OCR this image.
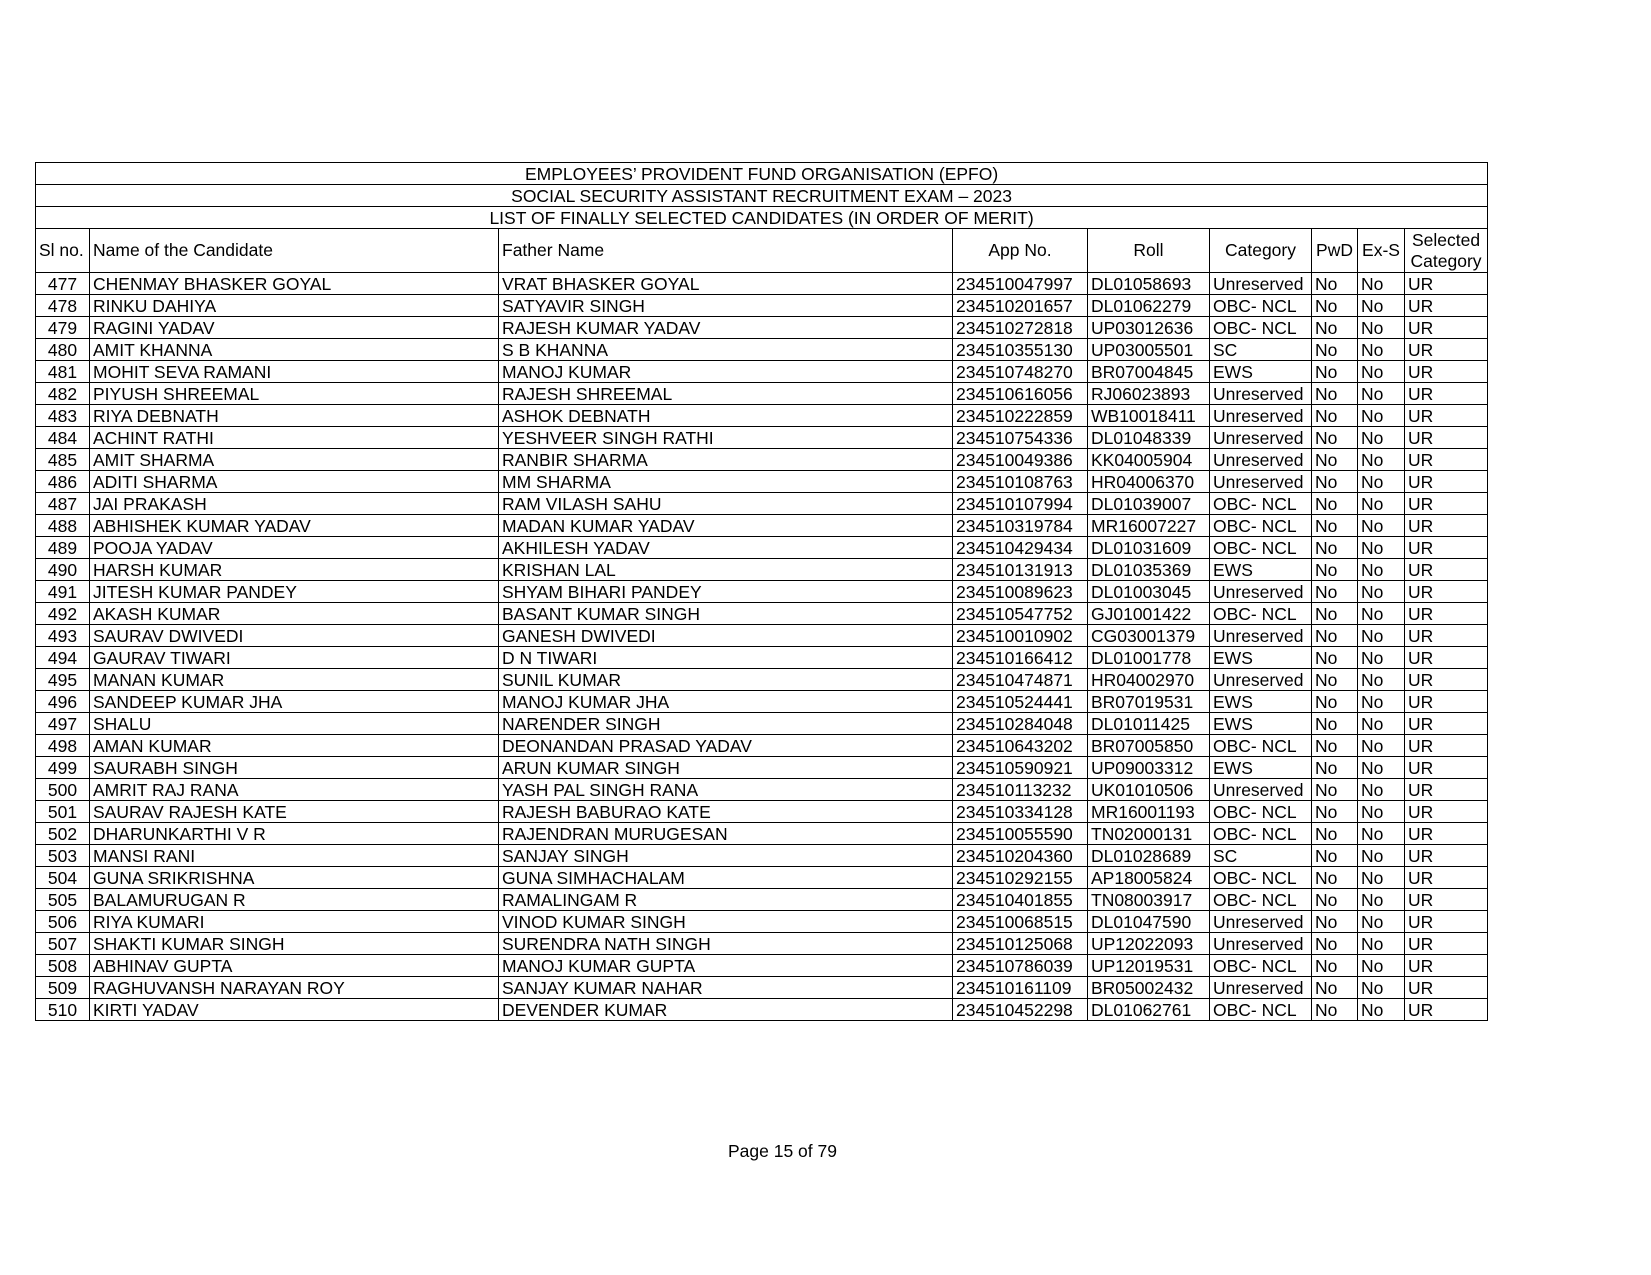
EMPLOYEES’ PROVIDENT FUND ORGANISATION (EPFO)								
SOCIAL SECURITY ASSISTANT RECRUITMENT EXAM – 2023								
LIST OF FINALLY SELECTED CANDIDATES (IN ORDER OF MERIT)								
Sl no.	Name of the Candidate	Father Name	App No.	Roll	Category	PwD	Ex-S	Selected
Category
477	CHENMAY BHASKER GOYAL	VRAT BHASKER GOYAL	234510047997	DL01058693	Unreserved	No	No	UR
478	RINKU DAHIYA	SATYAVIR SINGH	234510201657	DL01062279	OBC- NCL	No	No	UR
479	RAGINI YADAV	RAJESH KUMAR YADAV	234510272818	UP03012636	OBC- NCL	No	No	UR
480	AMIT KHANNA	S B KHANNA	234510355130	UP03005501	SC	No	No	UR
481	MOHIT SEVA RAMANI	MANOJ KUMAR	234510748270	BR07004845	EWS	No	No	UR
482	PIYUSH SHREEMAL	RAJESH SHREEMAL	234510616056	RJ06023893	Unreserved	No	No	UR
483	RIYA DEBNATH	ASHOK DEBNATH	234510222859	WB10018411	Unreserved	No	No	UR
484	ACHINT RATHI	YESHVEER SINGH RATHI	234510754336	DL01048339	Unreserved	No	No	UR
485	AMIT SHARMA	RANBIR SHARMA	234510049386	KK04005904	Unreserved	No	No	UR
486	ADITI SHARMA	MM SHARMA	234510108763	HR04006370	Unreserved	No	No	UR
487	JAI PRAKASH	RAM VILASH SAHU	234510107994	DL01039007	OBC- NCL	No	No	UR
488	ABHISHEK KUMAR YADAV	MADAN KUMAR YADAV	234510319784	MR16007227	OBC- NCL	No	No	UR
489	POOJA YADAV	AKHILESH YADAV	234510429434	DL01031609	OBC- NCL	No	No	UR
490	HARSH KUMAR	KRISHAN LAL	234510131913	DL01035369	EWS	No	No	UR
491	JITESH KUMAR PANDEY	SHYAM BIHARI PANDEY	234510089623	DL01003045	Unreserved	No	No	UR
492	AKASH KUMAR	BASANT KUMAR SINGH	234510547752	GJ01001422	OBC- NCL	No	No	UR
493	SAURAV DWIVEDI	GANESH DWIVEDI	234510010902	CG03001379	Unreserved	No	No	UR
494	GAURAV TIWARI	D N TIWARI	234510166412	DL01001778	EWS	No	No	UR
495	MANAN KUMAR	SUNIL KUMAR	234510474871	HR04002970	Unreserved	No	No	UR
496	SANDEEP KUMAR JHA	MANOJ KUMAR JHA	234510524441	BR07019531	EWS	No	No	UR
497	SHALU	NARENDER SINGH	234510284048	DL01011425	EWS	No	No	UR
498	AMAN KUMAR	DEONANDAN PRASAD YADAV	234510643202	BR07005850	OBC- NCL	No	No	UR
499	SAURABH SINGH	ARUN KUMAR SINGH	234510590921	UP09003312	EWS	No	No	UR
500	AMRIT RAJ RANA	YASH PAL SINGH RANA	234510113232	UK01010506	Unreserved	No	No	UR
501	SAURAV RAJESH KATE	RAJESH BABURAO KATE	234510334128	MR16001193	OBC- NCL	No	No	UR
502	DHARUNKARTHI V R	RAJENDRAN MURUGESAN	234510055590	TN02000131	OBC- NCL	No	No	UR
503	MANSI RANI	SANJAY SINGH	234510204360	DL01028689	SC	No	No	UR
504	GUNA SRIKRISHNA	GUNA SIMHACHALAM	234510292155	AP18005824	OBC- NCL	No	No	UR
505	BALAMURUGAN R	RAMALINGAM R	234510401855	TN08003917	OBC- NCL	No	No	UR
506	RIYA KUMARI	VINOD KUMAR SINGH	234510068515	DL01047590	Unreserved	No	No	UR
507	SHAKTI KUMAR SINGH	SURENDRA NATH SINGH	234510125068	UP12022093	Unreserved	No	No	UR
508	ABHINAV GUPTA	MANOJ KUMAR GUPTA	234510786039	UP12019531	OBC- NCL	No	No	UR
509	RAGHUVANSH NARAYAN ROY	SANJAY KUMAR NAHAR	234510161109	BR05002432	Unreserved	No	No	UR
510	KIRTI YADAV	DEVENDER KUMAR	234510452298	DL01062761	OBC- NCL	No	No	UR
Page 15 of 79
